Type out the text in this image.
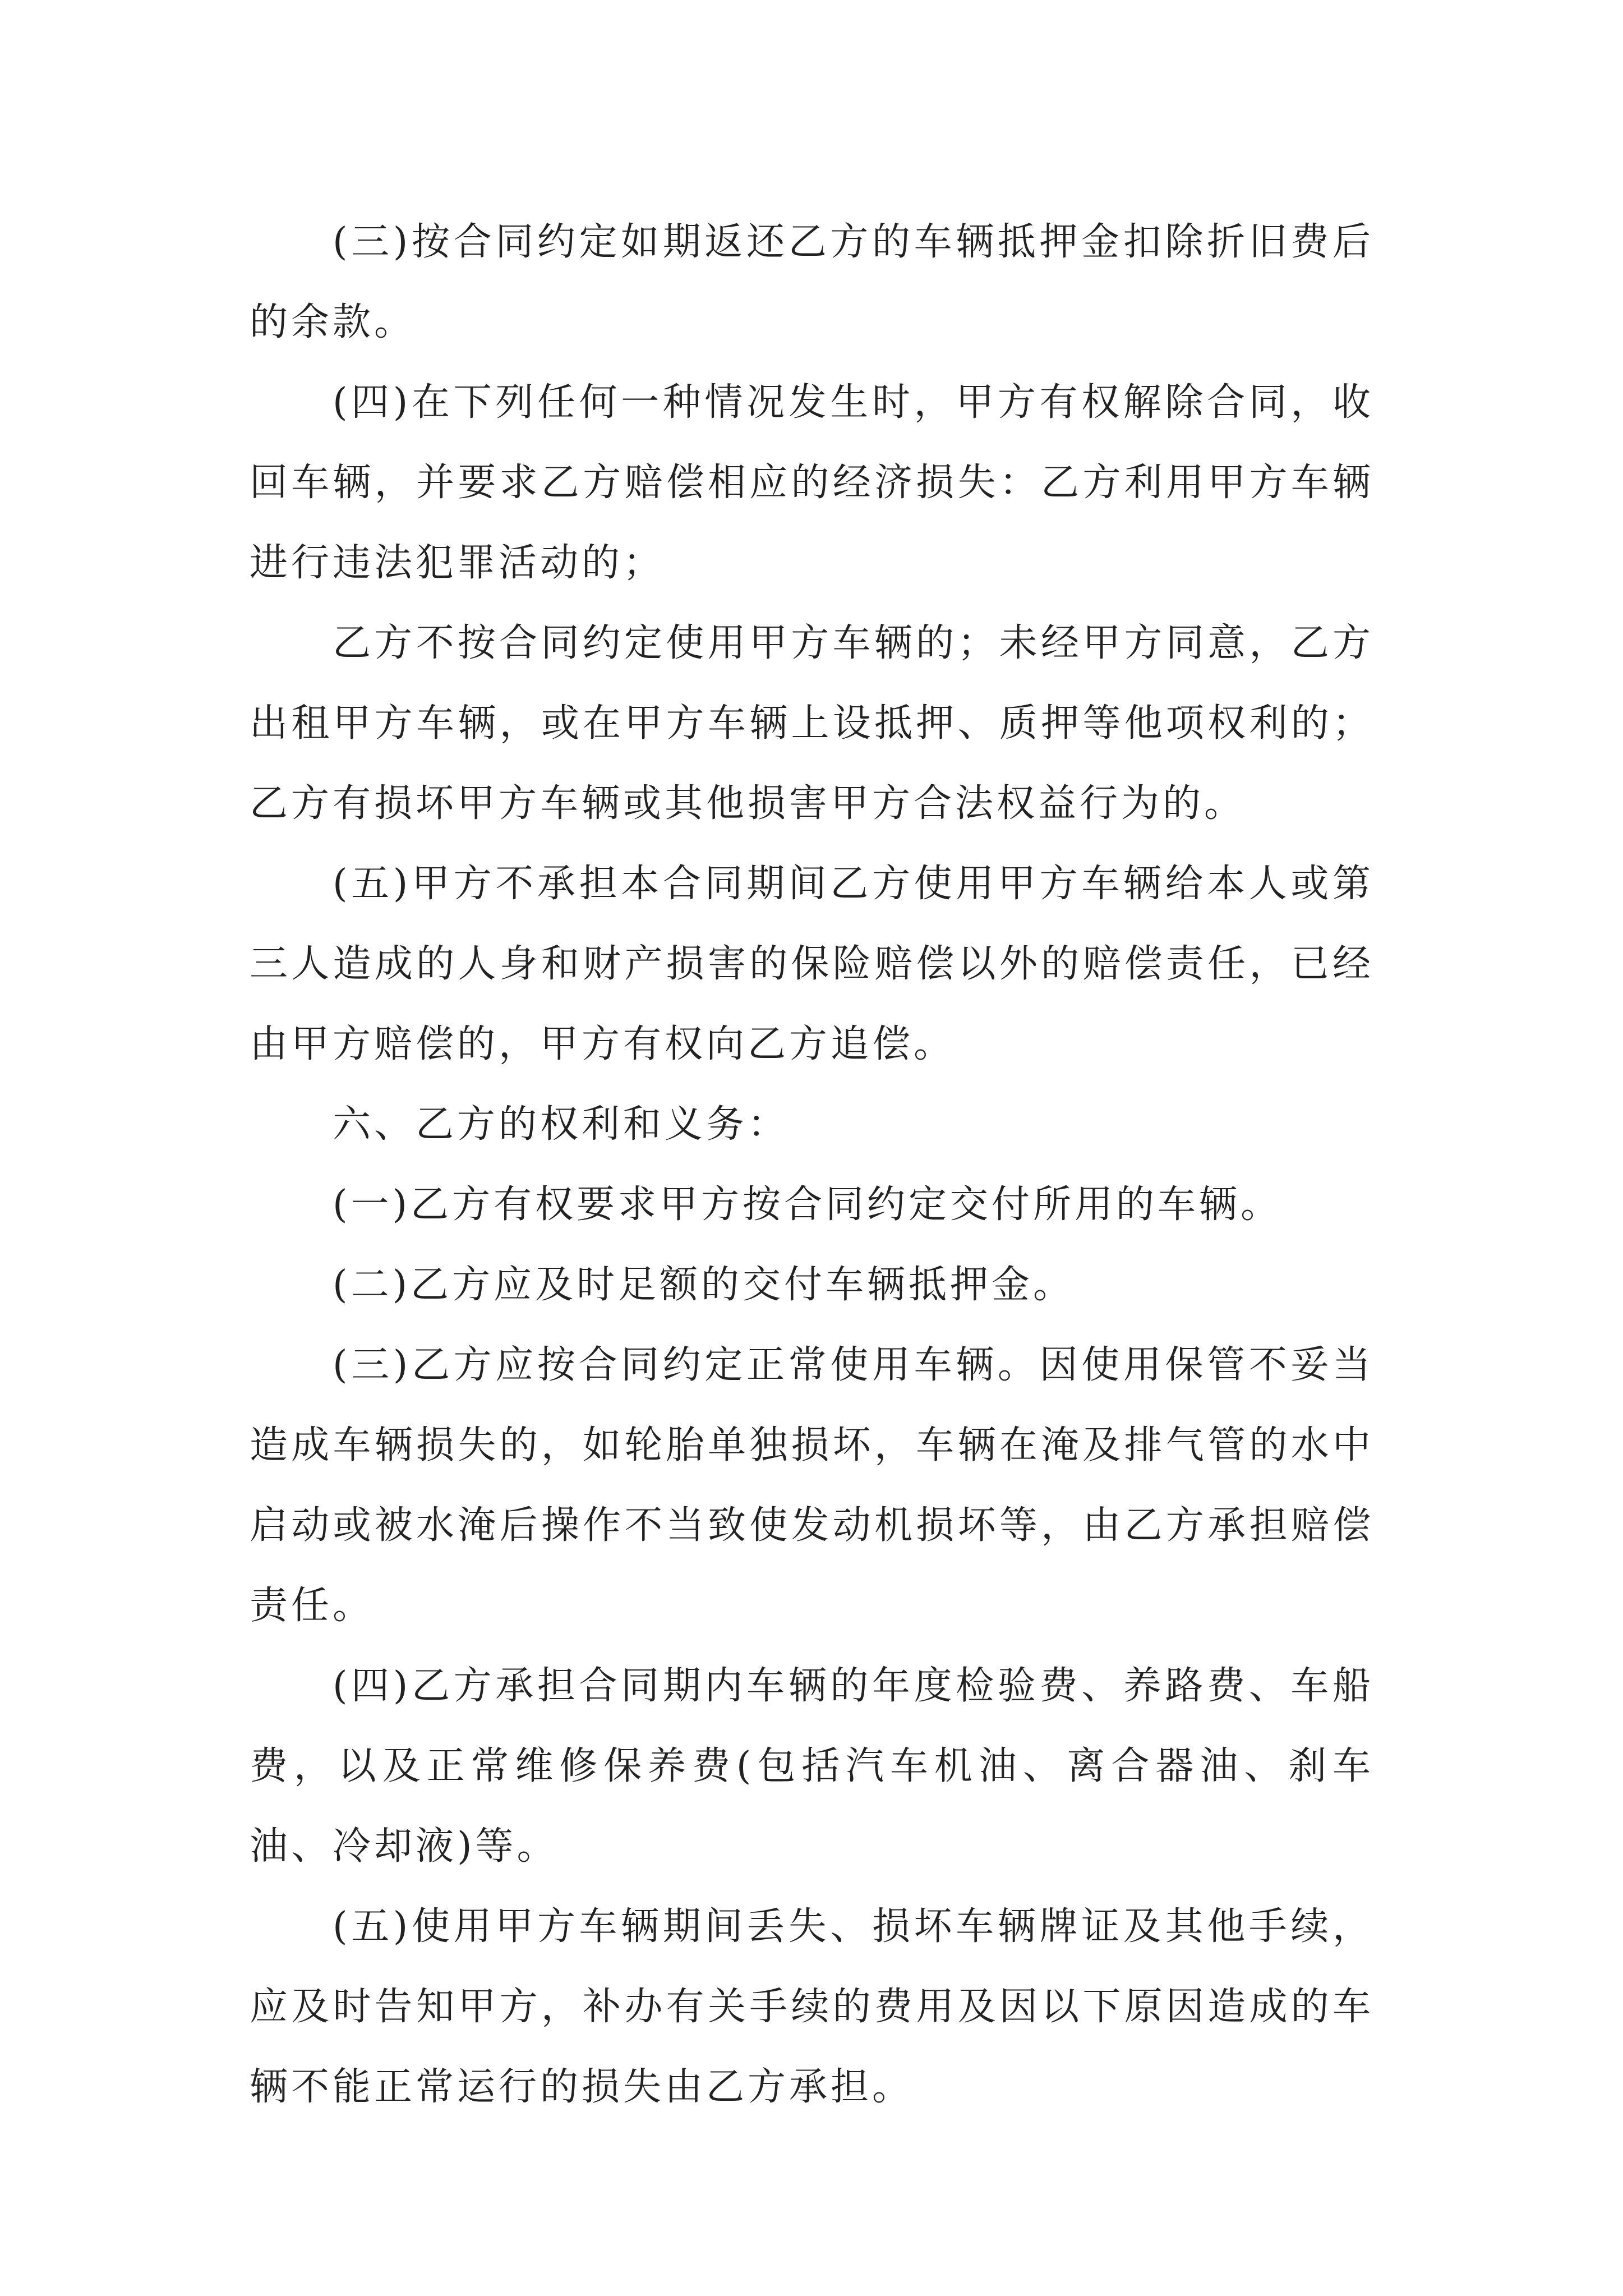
(三)按合同约定如期返还乙方的车辆抵押金扣除折旧费后的余款。

(四)在下列任何一种情况发生时，甲方有权解除合同，收回车辆，并要求乙方赔偿相应的经济损失：乙方利用甲方车辆进行违法犯罪活动的；

乙方不按合同约定使用甲方车辆的；未经甲方同意，乙方出租甲方车辆，或在甲方车辆上设抵押、质押等他项权利的；乙方有损坏甲方车辆或其他损害甲方合法权益行为的。

(五)甲方不承担本合同期间乙方使用甲方车辆给本人或第三人造成的人身和财产损害的保险赔偿以外的赔偿责任，已经由甲方赔偿的，甲方有权向乙方追偿。

六、乙方的权利和义务：

(一)乙方有权要求甲方按合同约定交付所用的车辆。

(二)乙方应及时足额的交付车辆抵押金。

(三)乙方应按合同约定正常使用车辆。因使用保管不妥当造成车辆损失的，如轮胎单独损坏，车辆在淹及排气管的水中启动或被水淹后操作不当致使发动机损坏等，由乙方承担赔偿责任。

(四)乙方承担合同期内车辆的年度检验费、养路费、车船费，以及正常维修保养费(包括汽车机油、离合器油、刹车油、冷却液)等。

(五)使用甲方车辆期间丢失、损坏车辆牌证及其他手续，应及时告知甲方，补办有关手续的费用及因以下原因造成的车辆不能正常运行的损失由乙方承担。
